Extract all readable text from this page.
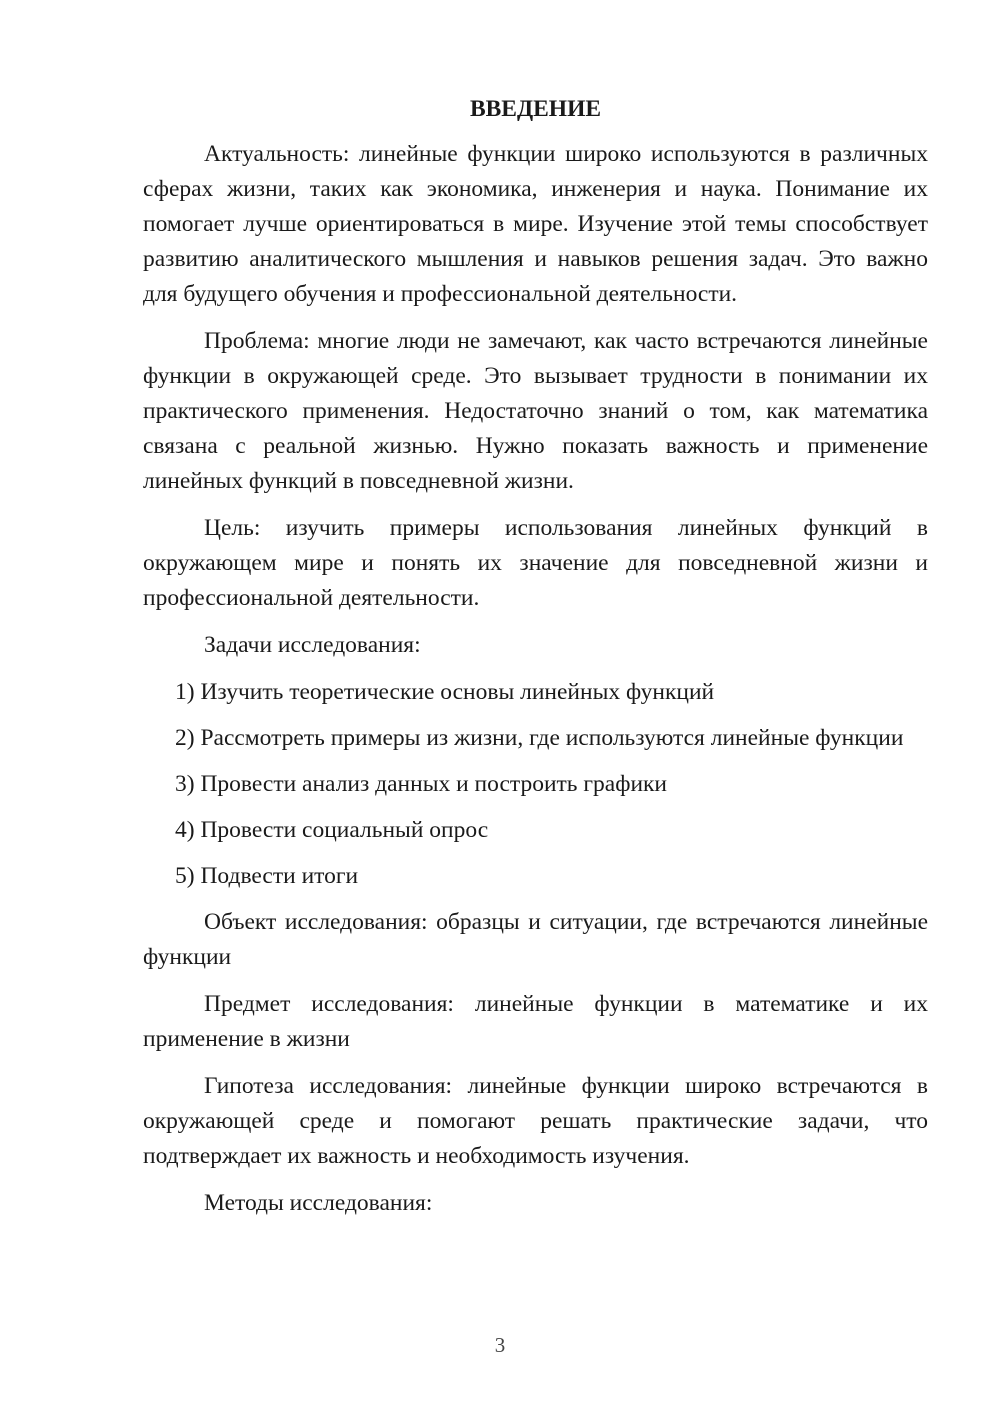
ВВЕДЕНИЕ

Актуальность: линейные функции широко используются в различных сферах жизни, таких как экономика, инженерия и наука. Понимание их помогает лучше ориентироваться в мире. Изучение этой темы способствует развитию аналитического мышления и навыков решения задач. Это важно для будущего обучения и профессиональной деятельности.

Проблема: многие люди не замечают, как часто встречаются линейные функции в окружающей среде. Это вызывает трудности в понимании их практического применения. Недостаточно знаний о том, как математика связана с реальной жизнью. Нужно показать важность и применение линейных функций в повседневной жизни.

Цель: изучить примеры использования линейных функций в окружающем мире и понять их значение для повседневной жизни и профессиональной деятельности.

Задачи исследования:

1) Изучить теоретические основы линейных функций

2) Рассмотреть примеры из жизни, где используются линейные функции

3) Провести анализ данных и построить графики

4) Провести социальный опрос

5) Подвести итоги

Объект исследования: образцы и ситуации, где встречаются линейные функции

Предмет исследования: линейные функции в математике и их применение в жизни

Гипотеза исследования: линейные функции широко встречаются в окружающей среде и помогают решать практические задачи, что подтверждает их важность и необходимость изучения.

Методы исследования:

3
